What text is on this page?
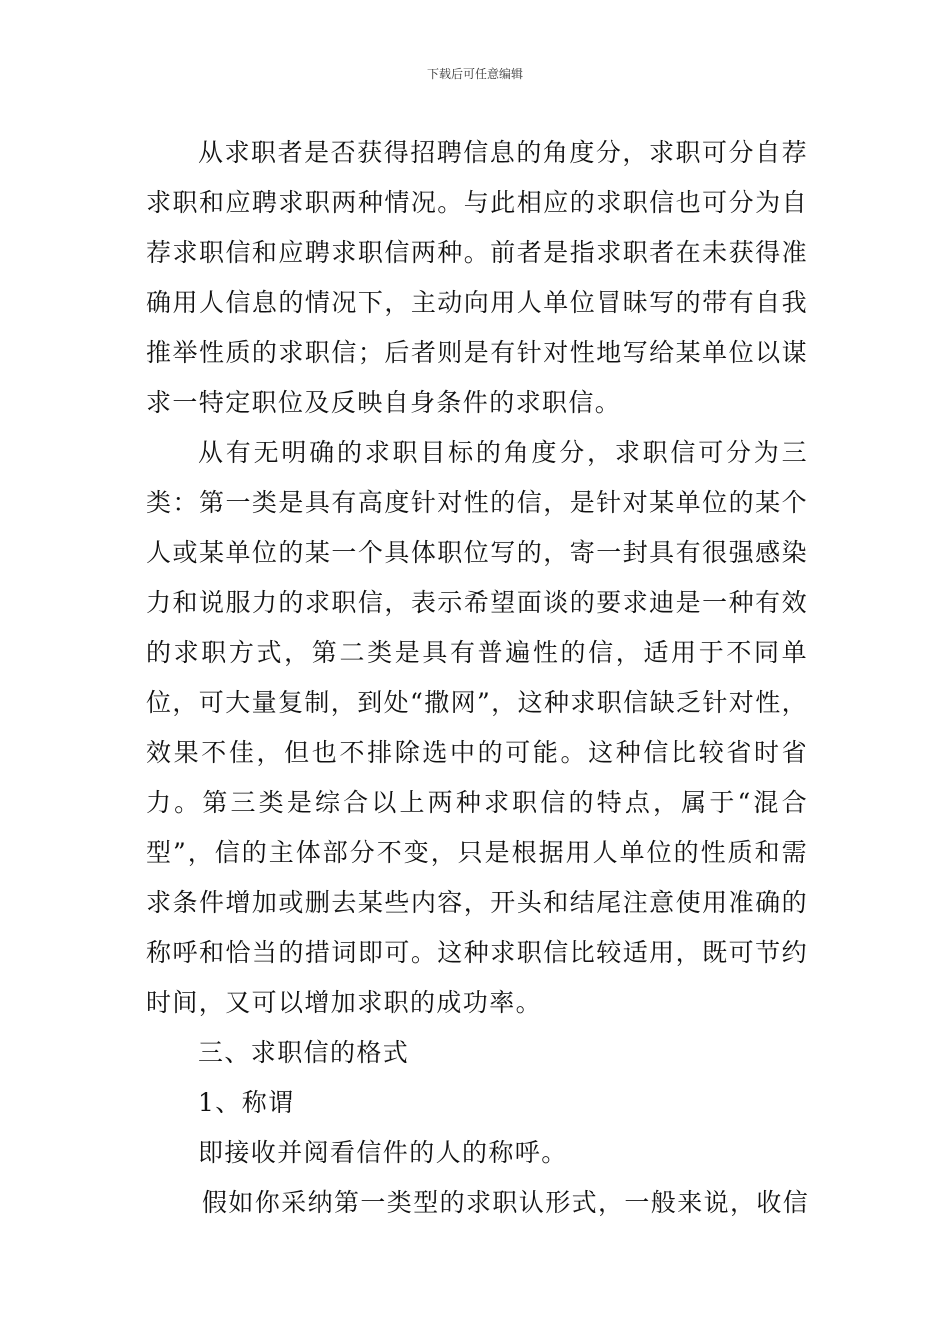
下载后可任意编辑

从求职者是否获得招聘信息的角度分，求职可分自荐求职和应聘求职两种情况。与此相应的求职信也可分为自荐求职信和应聘求职信两种。前者是指求职者在未获得准确用人信息的情况下，主动向用人单位冒昧写的带有自我推举性质的求职信；后者则是有针对性地写给某单位以谋求一特定职位及反映自身条件的求职信。

从有无明确的求职目标的角度分，求职信可分为三类：第一类是具有高度针对性的信，是针对某单位的某个人或某单位的某一个具体职位写的，寄一封具有很强感染力和说服力的求职信，表示希望面谈的要求迪是一种有效的求职方式，第二类是具有普遍性的信，适用于不同单位，可大量复制，到处“撒网”，这种求职信缺乏针对性，效果不佳，但也不排除选中的可能。这种信比较省时省力。第三类是综合以上两种求职信的特点，属于“混合型”，信的主体部分不变，只是根据用人单位的性质和需求条件增加或删去某些内容，开头和结尾注意使用准确的称呼和恰当的措词即可。这种求职信比较适用，既可节约时间，又可以增加求职的成功率。

三、求职信的格式

1、称谓

即接收并阅看信件的人的称呼。

假如你采纳第一类型的求职认形式，一般来说，收信
